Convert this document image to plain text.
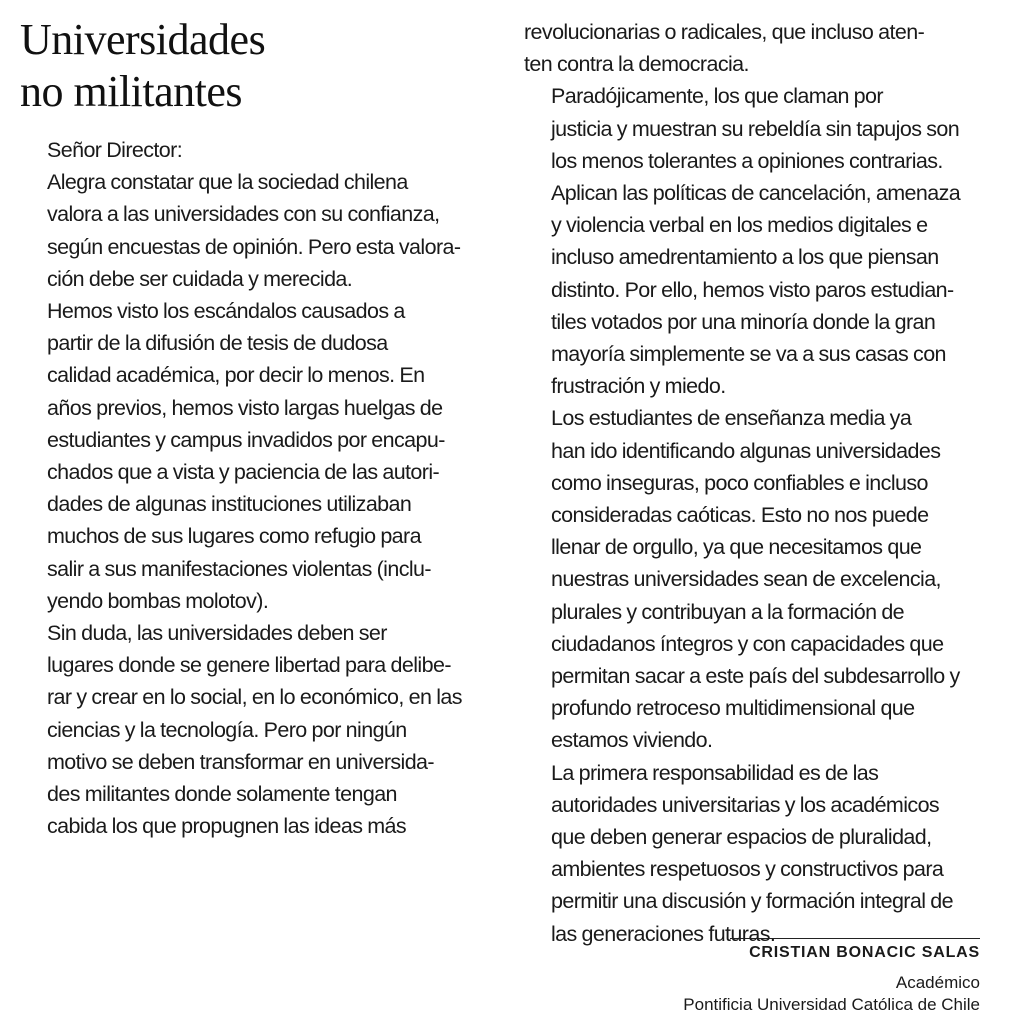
Universidades
no militantes
Señor Director:

Alegra constatar que la sociedad chilena
valora a las universidades con su confianza,
según encuestas de opinión. Pero esta valora-
ción debe ser cuidada y merecida.

Hemos visto los escándalos causados a
partir de la difusión de tesis de dudosa
calidad académica, por decir lo menos. En
años previos, hemos visto largas huelgas de
estudiantes y campus invadidos por encapu-
chados que a vista y paciencia de las autori-
dades de algunas instituciones utilizaban
muchos de sus lugares como refugio para
salir a sus manifestaciones violentas (inclu-
yendo bombas molotov).

Sin duda, las universidades deben ser
lugares donde se genere libertad para delibe-
rar y crear en lo social, en lo económico, en las
ciencias y la tecnología. Pero por ningún
motivo se deben transformar en universida-
des militantes donde solamente tengan
cabida los que propugnen las ideas más

revolucionarias o radicales, que incluso aten-
ten contra la democracia.

Paradójicamente, los que claman por
justicia y muestran su rebeldía sin tapujos son
los menos tolerantes a opiniones contrarias.
Aplican las políticas de cancelación, amenaza
y violencia verbal en los medios digitales e
incluso amedrentamiento a los que piensan
distinto. Por ello, hemos visto paros estudian-
tiles votados por una minoría donde la gran
mayoría simplemente se va a sus casas con
frustración y miedo.

Los estudiantes de enseñanza media ya
han ido identificando algunas universidades
como inseguras, poco confiables e incluso
consideradas caóticas. Esto no nos puede
llenar de orgullo, ya que necesitamos que
nuestras universidades sean de excelencia,
plurales y contribuyan a la formación de
ciudadanos íntegros y con capacidades que
permitan sacar a este país del subdesarrollo y
profundo retroceso multidimensional que
estamos viviendo.

La primera responsabilidad es de las
autoridades universitarias y los académicos
que deben generar espacios de pluralidad,
ambientes respetuosos y constructivos para
permitir una discusión y formación integral de
las generaciones futuras.

CRISTIAN BONACIC SALAS
Académico
Pontificia Universidad Católica de Chile
